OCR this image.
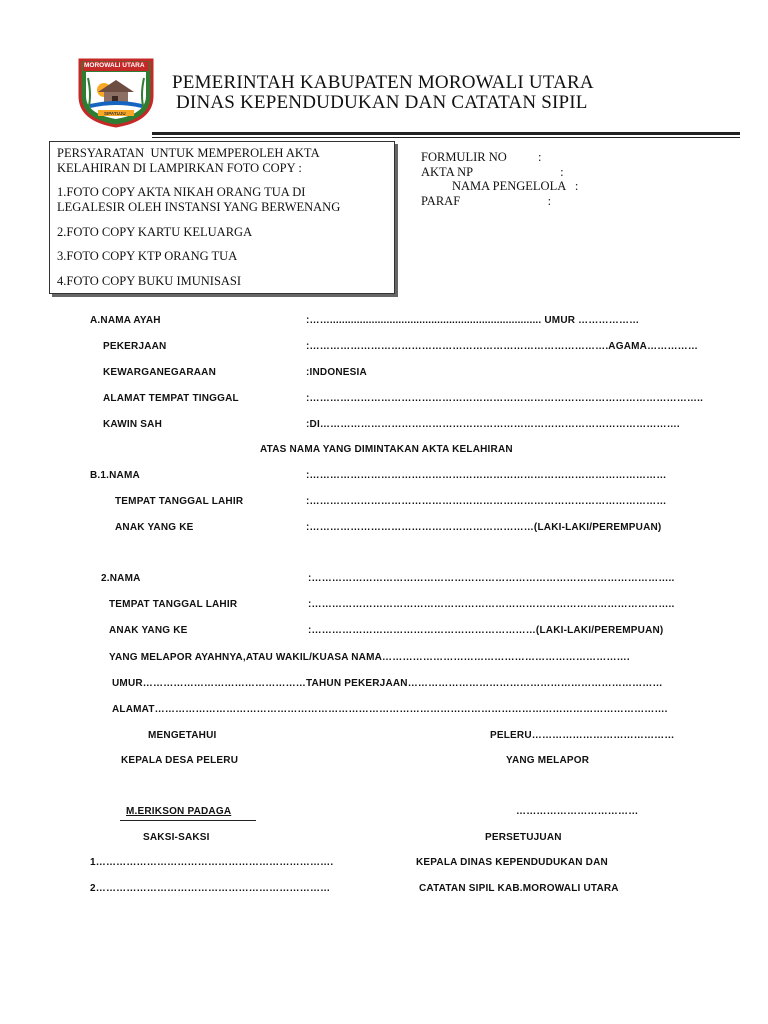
MOROWALI UTARA
SIPATUJU
PEMERINTAH KABUPATEN MOROWALI UTARA
DINAS KEPENDUDUKAN DAN CATATAN SIPIL
PERSYARATAN  UNTUK MEMPEROLEH AKTA
KELAHIRAN DI LAMPIRKAN FOTO COPY :
1.FOTO COPY AKTA NIKAH ORANG TUA DI
LEGALESIR OLEH INSTANSI YANG BERWENANG
2.FOTO COPY KARTU KELUARGA
3.FOTO COPY KTP ORANG TUA
4.FOTO COPY BUKU IMUNISASI
FORMULIR NO          :
AKTA NP                            :
NAMA PENGELOLA   :
PARAF                            :
A.NAMA AYAH	:……....................................................................... UMUR ………………
PEKERJAAN	:…………………………………………………………………………….AGAMA……………
KEWARGANEGARAAN	:INDONESIA
ALAMAT TEMPAT TINGGAL	:……………………………………………………………………………………………………..
KAWIN SAH	:DI…………………………………………………………………………………………….
ATAS NAMA YANG DIMINTAKAN AKTA KELAHIRAN
B.1.NAMA	:……………………………………………………………………………………………
TEMPAT TANGGAL LAHIR	:……………………………………………………………………………………………
ANAK YANG KE	:…………………………………………………………(LAKI-LAKI/PEREMPUAN)
2.NAMA	:……………………………………………………………………………………………..
TEMPAT TANGGAL LAHIR	:……………………………………………………………………………………………..
ANAK YANG KE	:…………………………………………………………(LAKI-LAKI/PEREMPUAN)
YANG MELAPOR AYAHNYA,ATAU WAKIL/KUASA NAMA……………………………………………………………….
UMUR…………………………………………TAHUN PEKERJAAN…………………………………………………………………
ALAMAT…………………………………………………………………………………………………………………………………….
MENGETAHUI	PELERU……………………………………
KEPALA DESA PELERU	YANG MELAPOR
M.ERIKSON PADAGA	………………………………
SAKSI-SAKSI	PERSETUJUAN
1…………………………………………………………….	KEPALA DINAS KEPENDUDUKAN DAN
2……………………………………………………………	CATATAN SIPIL KAB.MOROWALI UTARA
